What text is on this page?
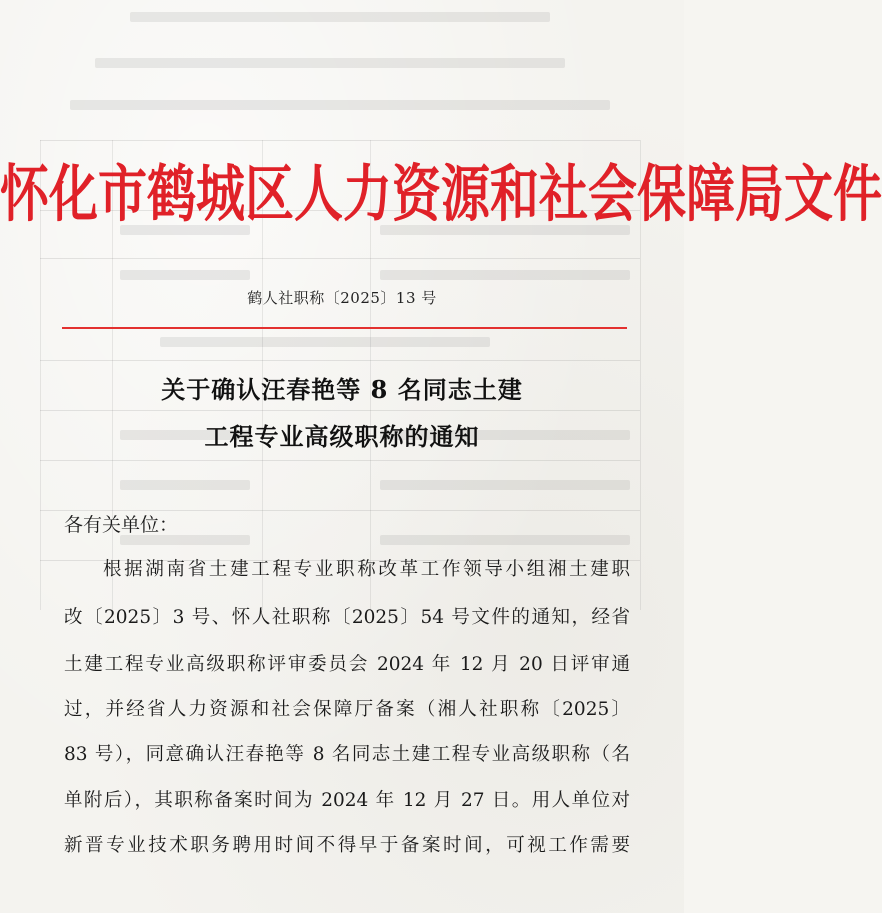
怀化市鹤城区人力资源和社会保障局文件
鹤人社职称〔2025〕13 号
关于确认汪春艳等 8 名同志土建
工程专业高级职称的通知
各有关单位：
根据湖南省土建工程专业职称改革工作领导小组湘土建职
改〔2025〕3 号、怀人社职称〔2025〕54 号文件的通知，经省
土建工程专业高级职称评审委员会 2024 年 12 月 20 日评审通
过，并经省人力资源和社会保障厅备案（湘人社职称〔2025〕
83 号），同意确认汪春艳等 8 名同志土建工程专业高级职称（名
单附后），其职称备案时间为 2024 年 12 月 27 日。用人单位对
新晋专业技术职务聘用时间不得早于备案时间，可视工作需要
